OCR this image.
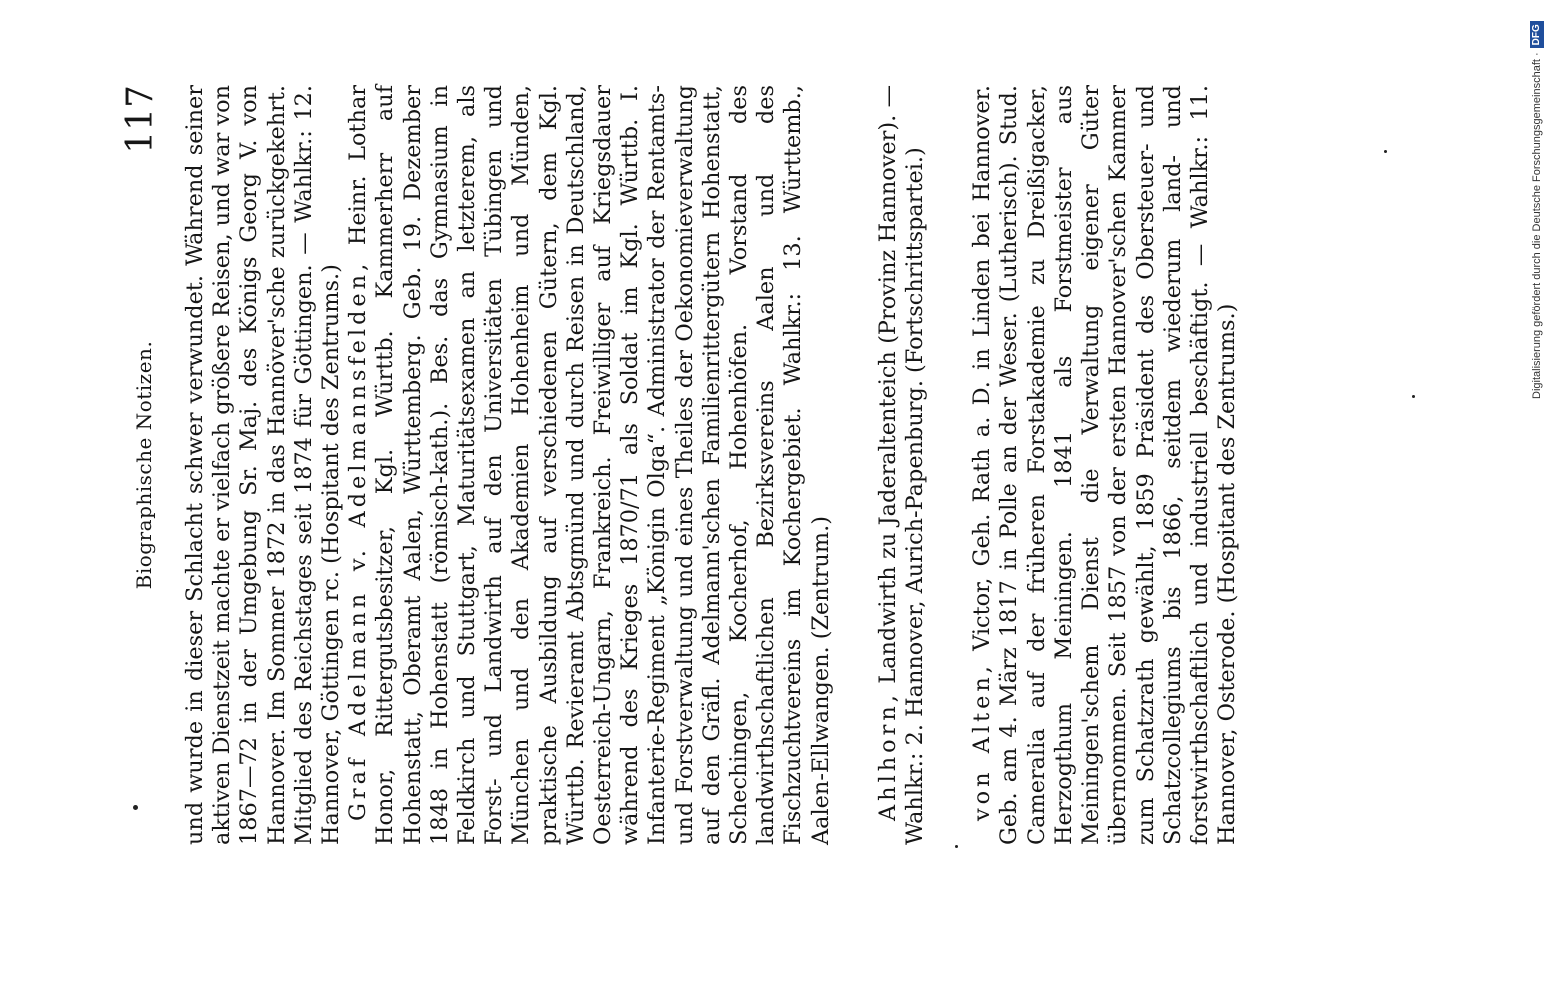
Biographische Notizen.
117 und wurde in dieser Schlacht schwer verwundet. Während seiner aktiven Dienstzeit machte er vielfach größere Reisen, und war von 1867—72 in der Umgebung Sr. Maj. des Königs Georg V. von Hannover. Im Sommer 1872 in das Hannöver'sche zurückgekehrt. Mitglied des Reichstages seit 1874 für Göttingen. — Wahlkr.: 12. Hannover, Göttingen rc. (Hospitant des Zentrums.) Graf Adelmann v. Adelmannsfelden, Heinr. Lothar Honor, Rittergutsbesitzer, Kgl. Württb. Kammerherr auf Hohenstatt, Oberamt Aalen, Württemberg. Geb. 19. Dezember 1848 in Hohenstatt (römisch-kath.). Bes. das Gymnasium in Feldkirch und Stuttgart, Maturitätsexamen an letzterem, als Forst- und Landwirth auf den Universitäten Tübingen und München und den Akademien Hohenheim und Münden, praktische Ausbildung auf verschiedenen Gütern, dem Kgl. Württb. Revieramt Abtsgmünd und durch Reisen in Deutschland, Oesterreich-Ungarn, Frankreich. Freiwilliger auf Kriegsdauer während des Krieges 1870/71 als Soldat im Kgl. Württb. I. Infanterie-Regiment „Königin Olga“. Administrator der Rentamts- und Forstverwaltung und eines Theiles der Oekonomieverwaltung auf den Gräfl. Adelmann'schen Familienrittergütern Hohenstatt, Schechingen, Kocherhof, Hohenhöfen. Vorstand des landwirthschaftlichen Bezirksvereins Aalen und des Fischzuchtvereins im Kochergebiet. Wahlkr.: 13. Württemb., Aalen-Ellwangen. (Zentrum.) Ahlhorn, Landwirth zu Jaderaltenteich (Provinz Hannover). — Wahlkr.: 2. Hannover, Aurich-Papenburg. (Fortschrittspartei.) von Alten, Victor, Geh. Rath a. D. in Linden bei Hannover. Geb. am 4. März 1817 in Polle an der Weser. (Lutherisch). Stud. Cameralia auf der früheren Forstakademie zu Dreißigacker, Herzogthum Meiningen. 1841 als Forstmeister aus Meiningen'schem Dienst die Verwaltung eigener Güter übernommen. Seit 1857 von der ersten Hannover'schen Kammer zum Schatzrath gewählt, 1859 Präsident des Obersteuer- und Schatzcollegiums bis 1866, seitdem wiederum land- und forstwirthschaftlich und industriell beschäftigt. — Wahlkr.: 11. Hannover, Osterode. (Hospitant des Zentrums.)

Digitalisierung gefördert durch die Deutsche Forschungsgemeinschaft ·
DFG
